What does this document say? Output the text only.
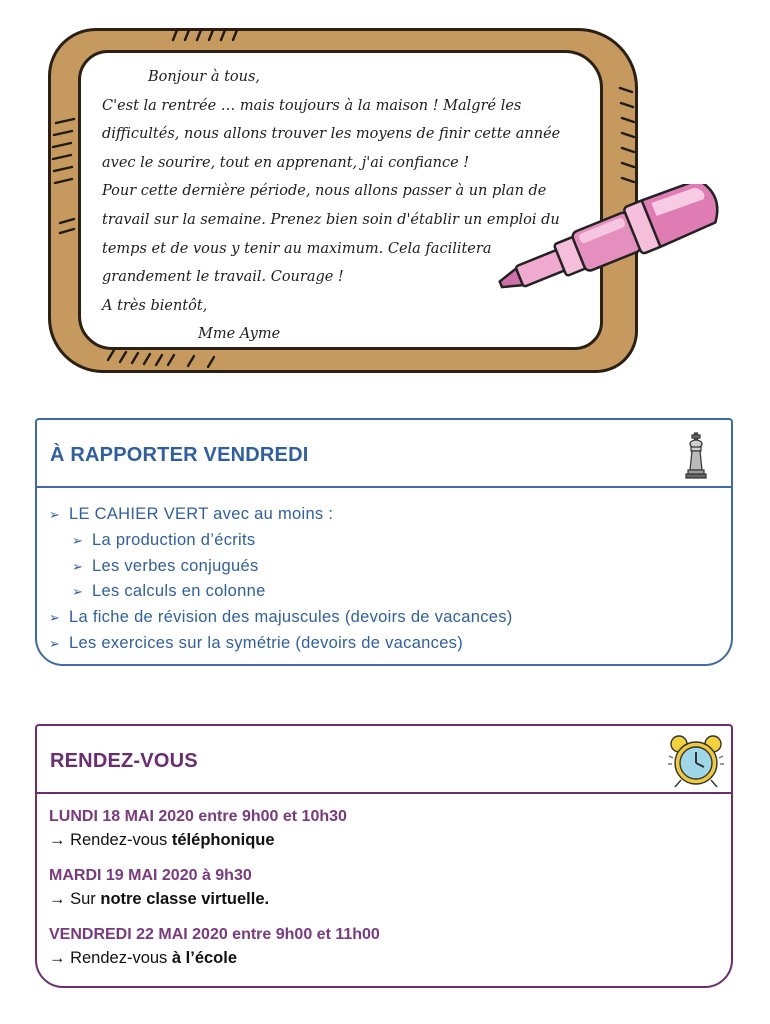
Bonjour à tous,
C'est la rentrée … mais toujours à la maison ! Malgré les
difficultés, nous allons trouver les moyens de finir cette année
avec le sourire, tout en apprenant, j'ai confiance !
Pour cette dernière période, nous allons passer à un plan de
travail sur la semaine. Prenez bien soin d'établir un emploi du
temps et de vous y tenir au maximum. Cela facilitera
grandement le travail. Courage !
A très bientôt,
Mme Ayme
À RAPPORTER VENDREDI
➢ LE CAHIER VERT avec au moins :
➢ La production d’écrits
➢ Les verbes conjugués
➢ Les calculs en colonne
➢ La fiche de révision des majuscules (devoirs de vacances)
➢ Les exercices sur la symétrie (devoirs de vacances)
RENDEZ-VOUS
LUNDI 18 MAI 2020 entre 9h00 et 10h30
→ Rendez-vous téléphonique
MARDI 19 MAI 2020 à 9h30
→ Sur notre classe virtuelle.
VENDREDI 22 MAI 2020 entre 9h00 et 11h00
→ Rendez-vous à l’école
